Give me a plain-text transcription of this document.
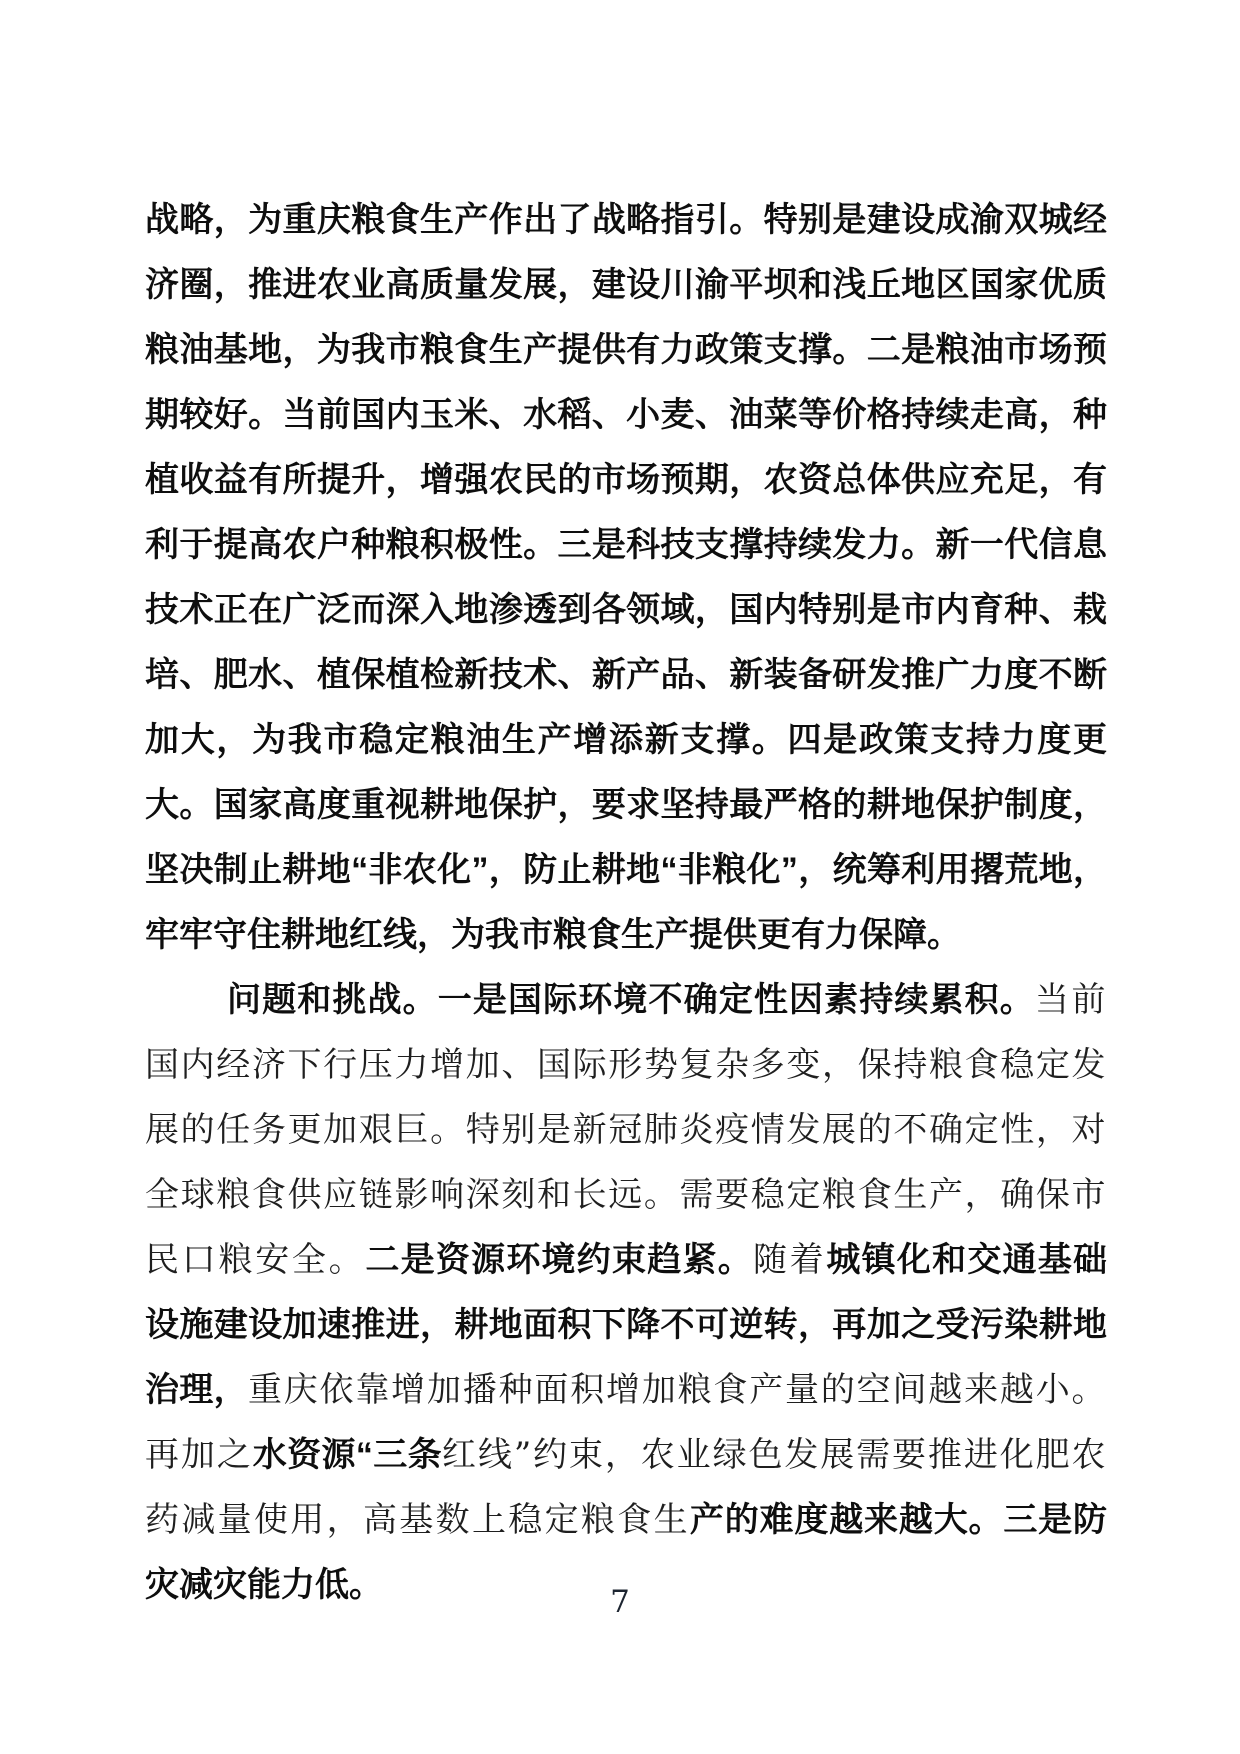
战略，为重庆粮食生产作出了战略指引。特别是建设成渝双城经济圈，推进农业高质量发展，建设川渝平坝和浅丘地区国家优质粮油基地，为我市粮食生产提供有力政策支撑。二是粮油市场预期较好。当前国内玉米、水稻、小麦、油菜等价格持续走高，种植收益有所提升，增强农民的市场预期，农资总体供应充足，有利于提高农户种粮积极性。三是科技支撑持续发力。新一代信息技术正在广泛而深入地渗透到各领域，国内特别是市内育种、栽培、肥水、植保植检新技术、新产品、新装备研发推广力度不断加大，为我市稳定粮油生产增添新支撑。四是政策支持力度更大。国家高度重视耕地保护，要求坚持最严格的耕地保护制度，坚决制止耕地“非农化”，防止耕地“非粮化”，统筹利用撂荒地，牢牢守住耕地红线，为我市粮食生产提供更有力保障。

问题和挑战。一是国际环境不确定性因素持续累积。当前国内经济下行压力增加、国际形势复杂多变，保持粮食稳定发展的任务更加艰巨。特别是新冠肺炎疫情发展的不确定性，对全球粮食供应链影响深刻和长远。需要稳定粮食生产，确保市民口粮安全。二是资源环境约束趋紧。随着城镇化和交通基础设施建设加速推进，耕地面积下降不可逆转，再加之受污染耕地治理，重庆依靠增加播种面积增加粮食产量的空间越来越小。再加之水资源“三条红线”约束，农业绿色发展需要推进化肥农药减量使用，高基数上稳定粮食生产的难度越来越大。三是防灾减灾能力低。	7
